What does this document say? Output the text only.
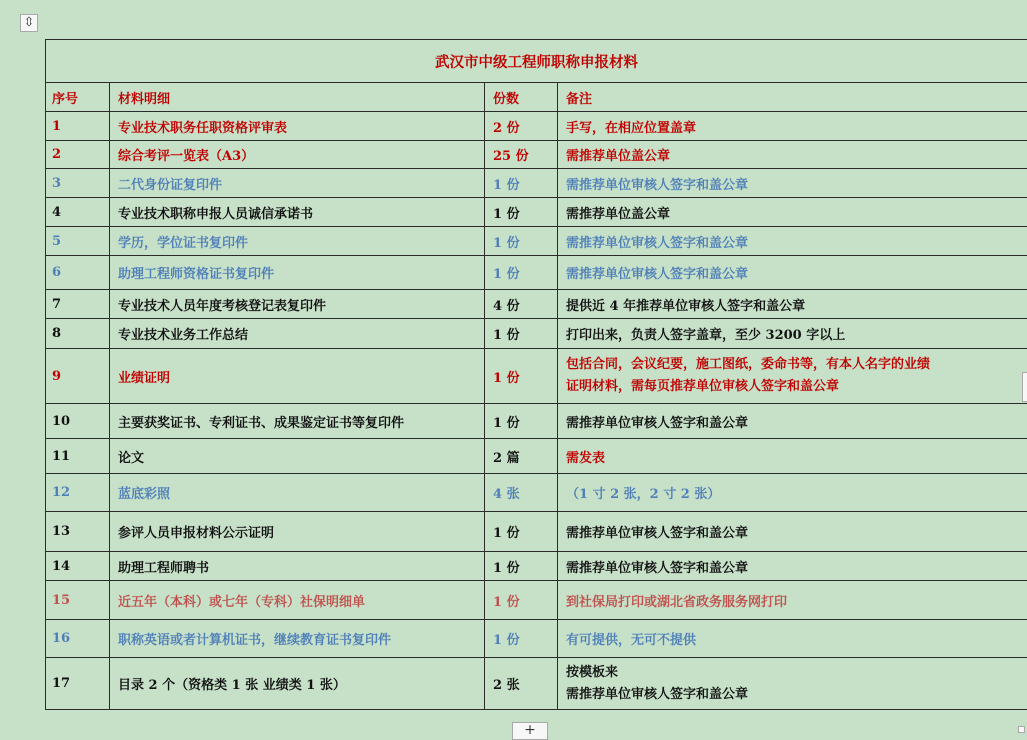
⇳
武汉市中级工程师职称申报材料			
序号	材料明细	份数	备注
1	专业技术职务任职资格评审表	2 份	手写，在相应位置盖章
2	综合考评一览表（A3）	25 份	需推荐单位盖公章
3	二代身份证复印件	1 份	需推荐单位审核人签字和盖公章
4	专业技术职称申报人员诚信承诺书	1 份	需推荐单位盖公章
5	学历，学位证书复印件	1 份	需推荐单位审核人签字和盖公章
6	助理工程师资格证书复印件	1 份	需推荐单位审核人签字和盖公章
7	专业技术人员年度考核登记表复印件	4 份	提供近 4 年推荐单位审核人签字和盖公章
8	专业技术业务工作总结	1 份	打印出来，负责人签字盖章，至少 3200 字以上
9	业绩证明	1 份	包括合同，会议纪要，施工图纸，委命书等，有本人名字的业绩
证明材料，需每页推荐单位审核人签字和盖公章

10	主要获奖证书、专利证书、成果鉴定证书等复印件	1 份	需推荐单位审核人签字和盖公章
11	论文	2 篇	需发表
12	蓝底彩照	4 张	（1 寸 2 张，2 寸 2 张）
13	参评人员申报材料公示证明	1 份	需推荐单位审核人签字和盖公章
14	助理工程师聘书	1 份	需推荐单位审核人签字和盖公章
15	近五年（本科）或七年（专科）社保明细单	1 份	到社保局打印或湖北省政务服务网打印
16	职称英语或者计算机证书，继续教育证书复印件	1 份	有可提供，无可不提供
17	目录 2 个（资格类 1 张 业绩类 1 张）	2 张	按模板来
需推荐单位审核人签字和盖公章
+
